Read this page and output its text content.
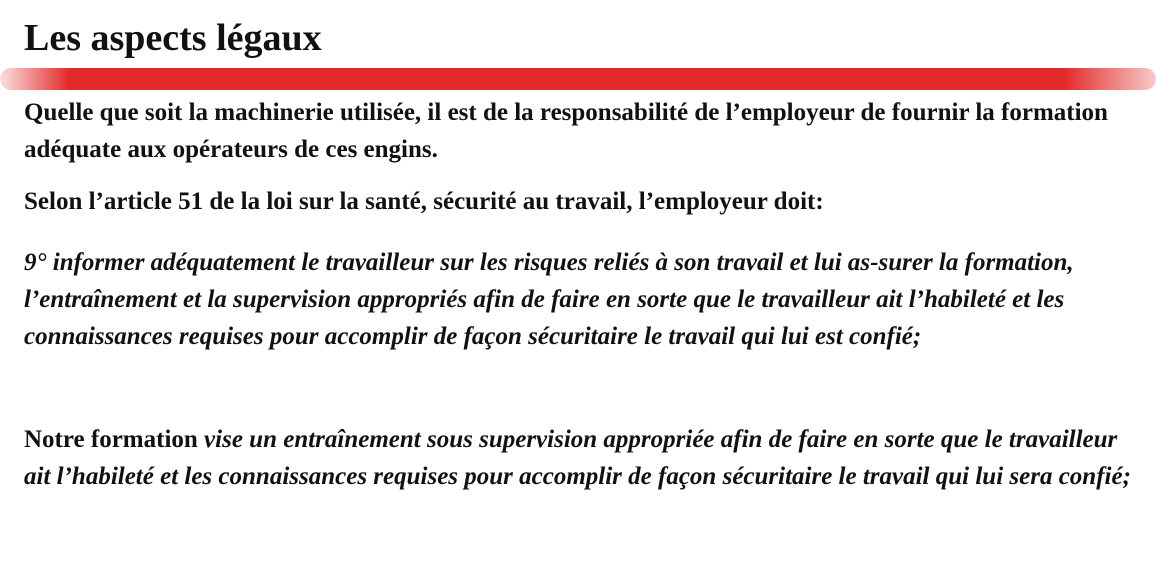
Les aspects légaux

Quelle que soit la machinerie utilisée, il est de la responsabilité de l’employeur de fournir la formation adéquate aux opérateurs de ces engins.

Selon l’article 51 de la loi sur la santé, sécurité au travail, l’employeur doit:

9° informer adéquatement le travailleur sur les risques reliés à son travail et lui as-surer la formation, l’entraînement et la supervision appropriés afin de faire en sorte que le travailleur ait l’habileté et les connaissances requises pour accomplir de façon sécuritaire le travail qui lui est confié;

Notre formation vise un entraînement sous supervision appropriée afin de faire en sorte que le travailleur ait l’habileté et les connaissances requises pour accomplir de façon sécuritaire le travail qui lui sera confié;
